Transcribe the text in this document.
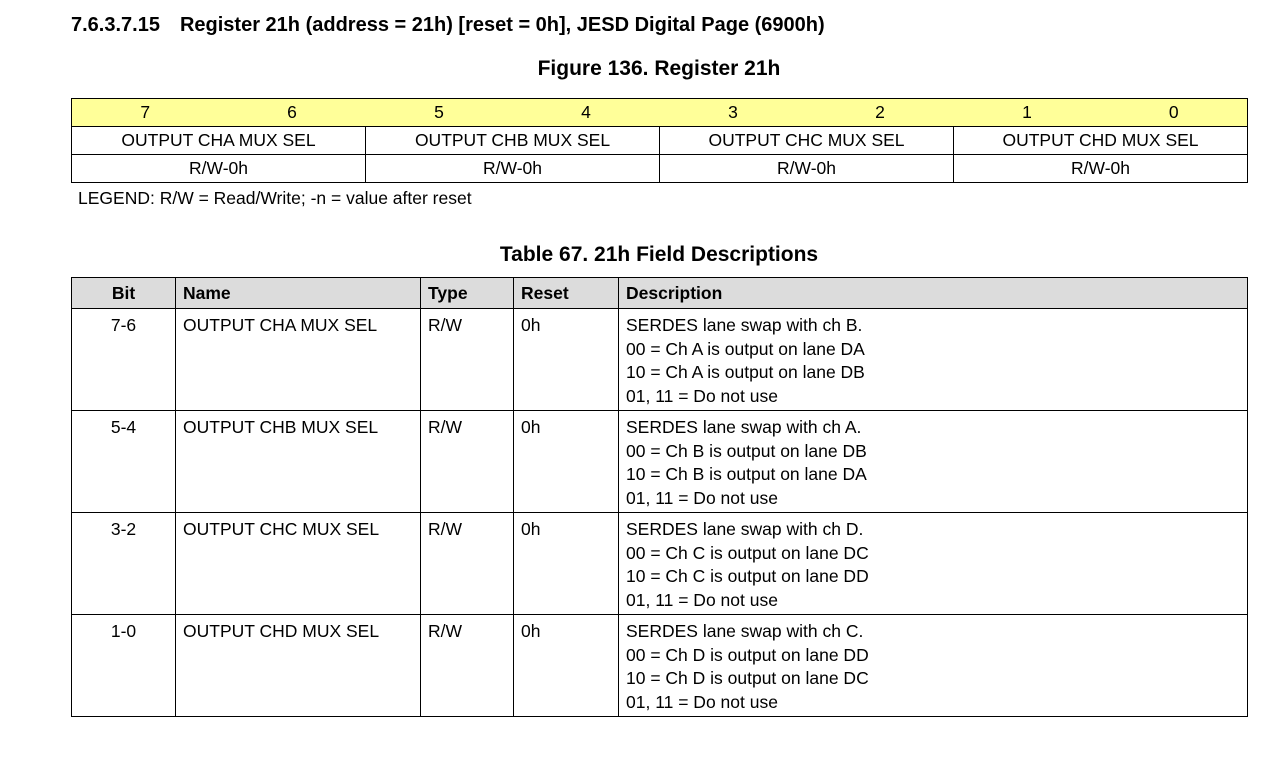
7.6.3.7.15 Register 21h (address = 21h) [reset = 0h], JESD Digital Page (6900h)
Figure 136. Register 21h
7	6	5	4	3	2	1	0
OUTPUT CHA MUX SEL		OUTPUT CHB MUX SEL		OUTPUT CHC MUX SEL		OUTPUT CHD MUX SEL	
R/W-0h		R/W-0h		R/W-0h		R/W-0h	
LEGEND: R/W = Read/Write; -n = value after reset
Table 67. 21h Field Descriptions
Bit	Name	Type	Reset	Description
7-6	OUTPUT CHA MUX SEL	R/W	0h	SERDES lane swap with ch B.
00 = Ch A is output on lane DA
10 = Ch A is output on lane DB
01, 11 = Do not use

5-4	OUTPUT CHB MUX SEL	R/W	0h	SERDES lane swap with ch A.
00 = Ch B is output on lane DB
10 = Ch B is output on lane DA
01, 11 = Do not use

3-2	OUTPUT CHC MUX SEL	R/W	0h	SERDES lane swap with ch D.
00 = Ch C is output on lane DC
10 = Ch C is output on lane DD
01, 11 = Do not use

1-0	OUTPUT CHD MUX SEL	R/W	0h	SERDES lane swap with ch C.
00 = Ch D is output on lane DD
10 = Ch D is output on lane DC
01, 11 = Do not use
